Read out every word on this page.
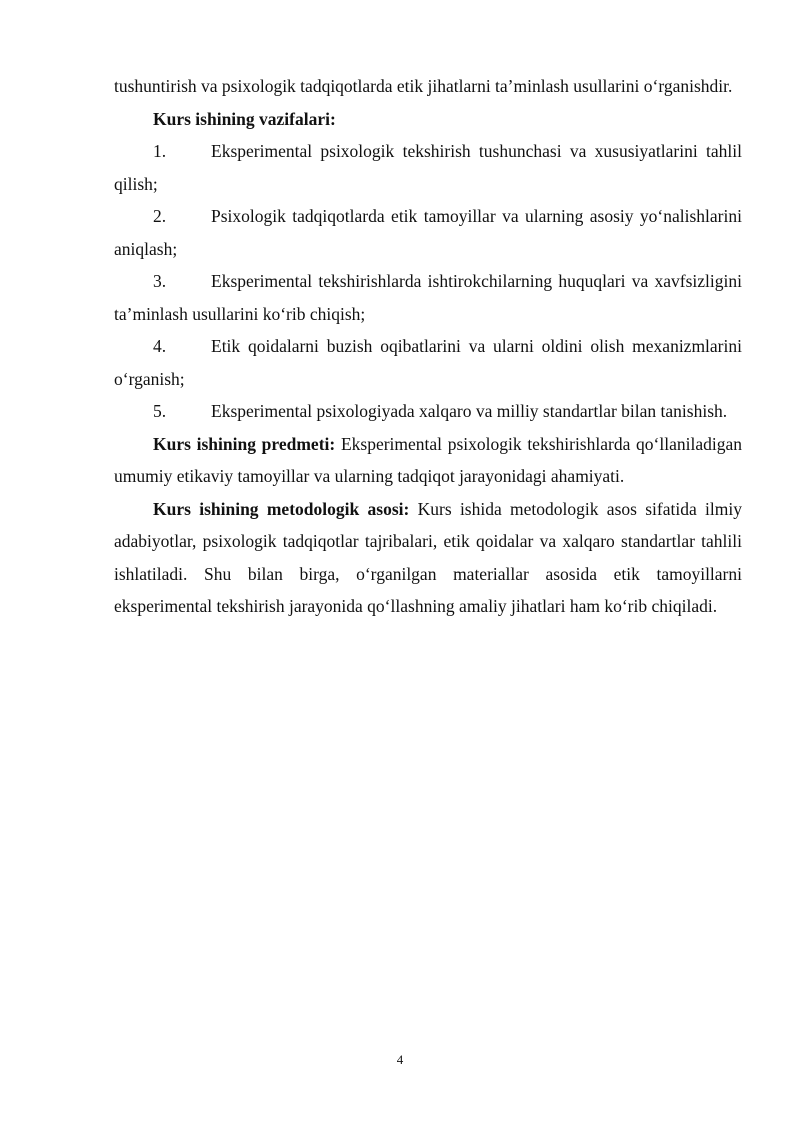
tushuntirish va psixologik tadqiqotlarda etik jihatlarni ta’minlash usullarini o‘rganishdir.

Kurs ishining vazifalari:

1.	Eksperimental psixologik tekshirish tushunchasi va xususiyatlarini tahlil qilish;

2.	Psixologik tadqiqotlarda etik tamoyillar va ularning asosiy yo‘nalishlarini aniqlash;

3.	Eksperimental tekshirishlarda ishtirokchilarning huquqlari va xavfsizligini ta’minlash usullarini ko‘rib chiqish;

4.	Etik qoidalarni buzish oqibatlarini va ularni oldini olish mexanizmlarini o‘rganish;

5.	Eksperimental psixologiyada xalqaro va milliy standartlar bilan tanishish.

Kurs ishining predmeti: Eksperimental psixologik tekshirishlarda qo‘llaniladigan umumiy etikaviy tamoyillar va ularning tadqiqot jarayonidagi ahamiyati.

Kurs ishining metodologik asosi: Kurs ishida metodologik asos sifatida ilmiy adabiyotlar, psixologik tadqiqotlar tajribalari, etik qoidalar va xalqaro standartlar tahlili ishlatiladi. Shu bilan birga, o‘rganilgan materiallar asosida etik tamoyillarni eksperimental tekshirish jarayonida qo‘llashning amaliy jihatlari ham ko‘rib chiqiladi.

4
